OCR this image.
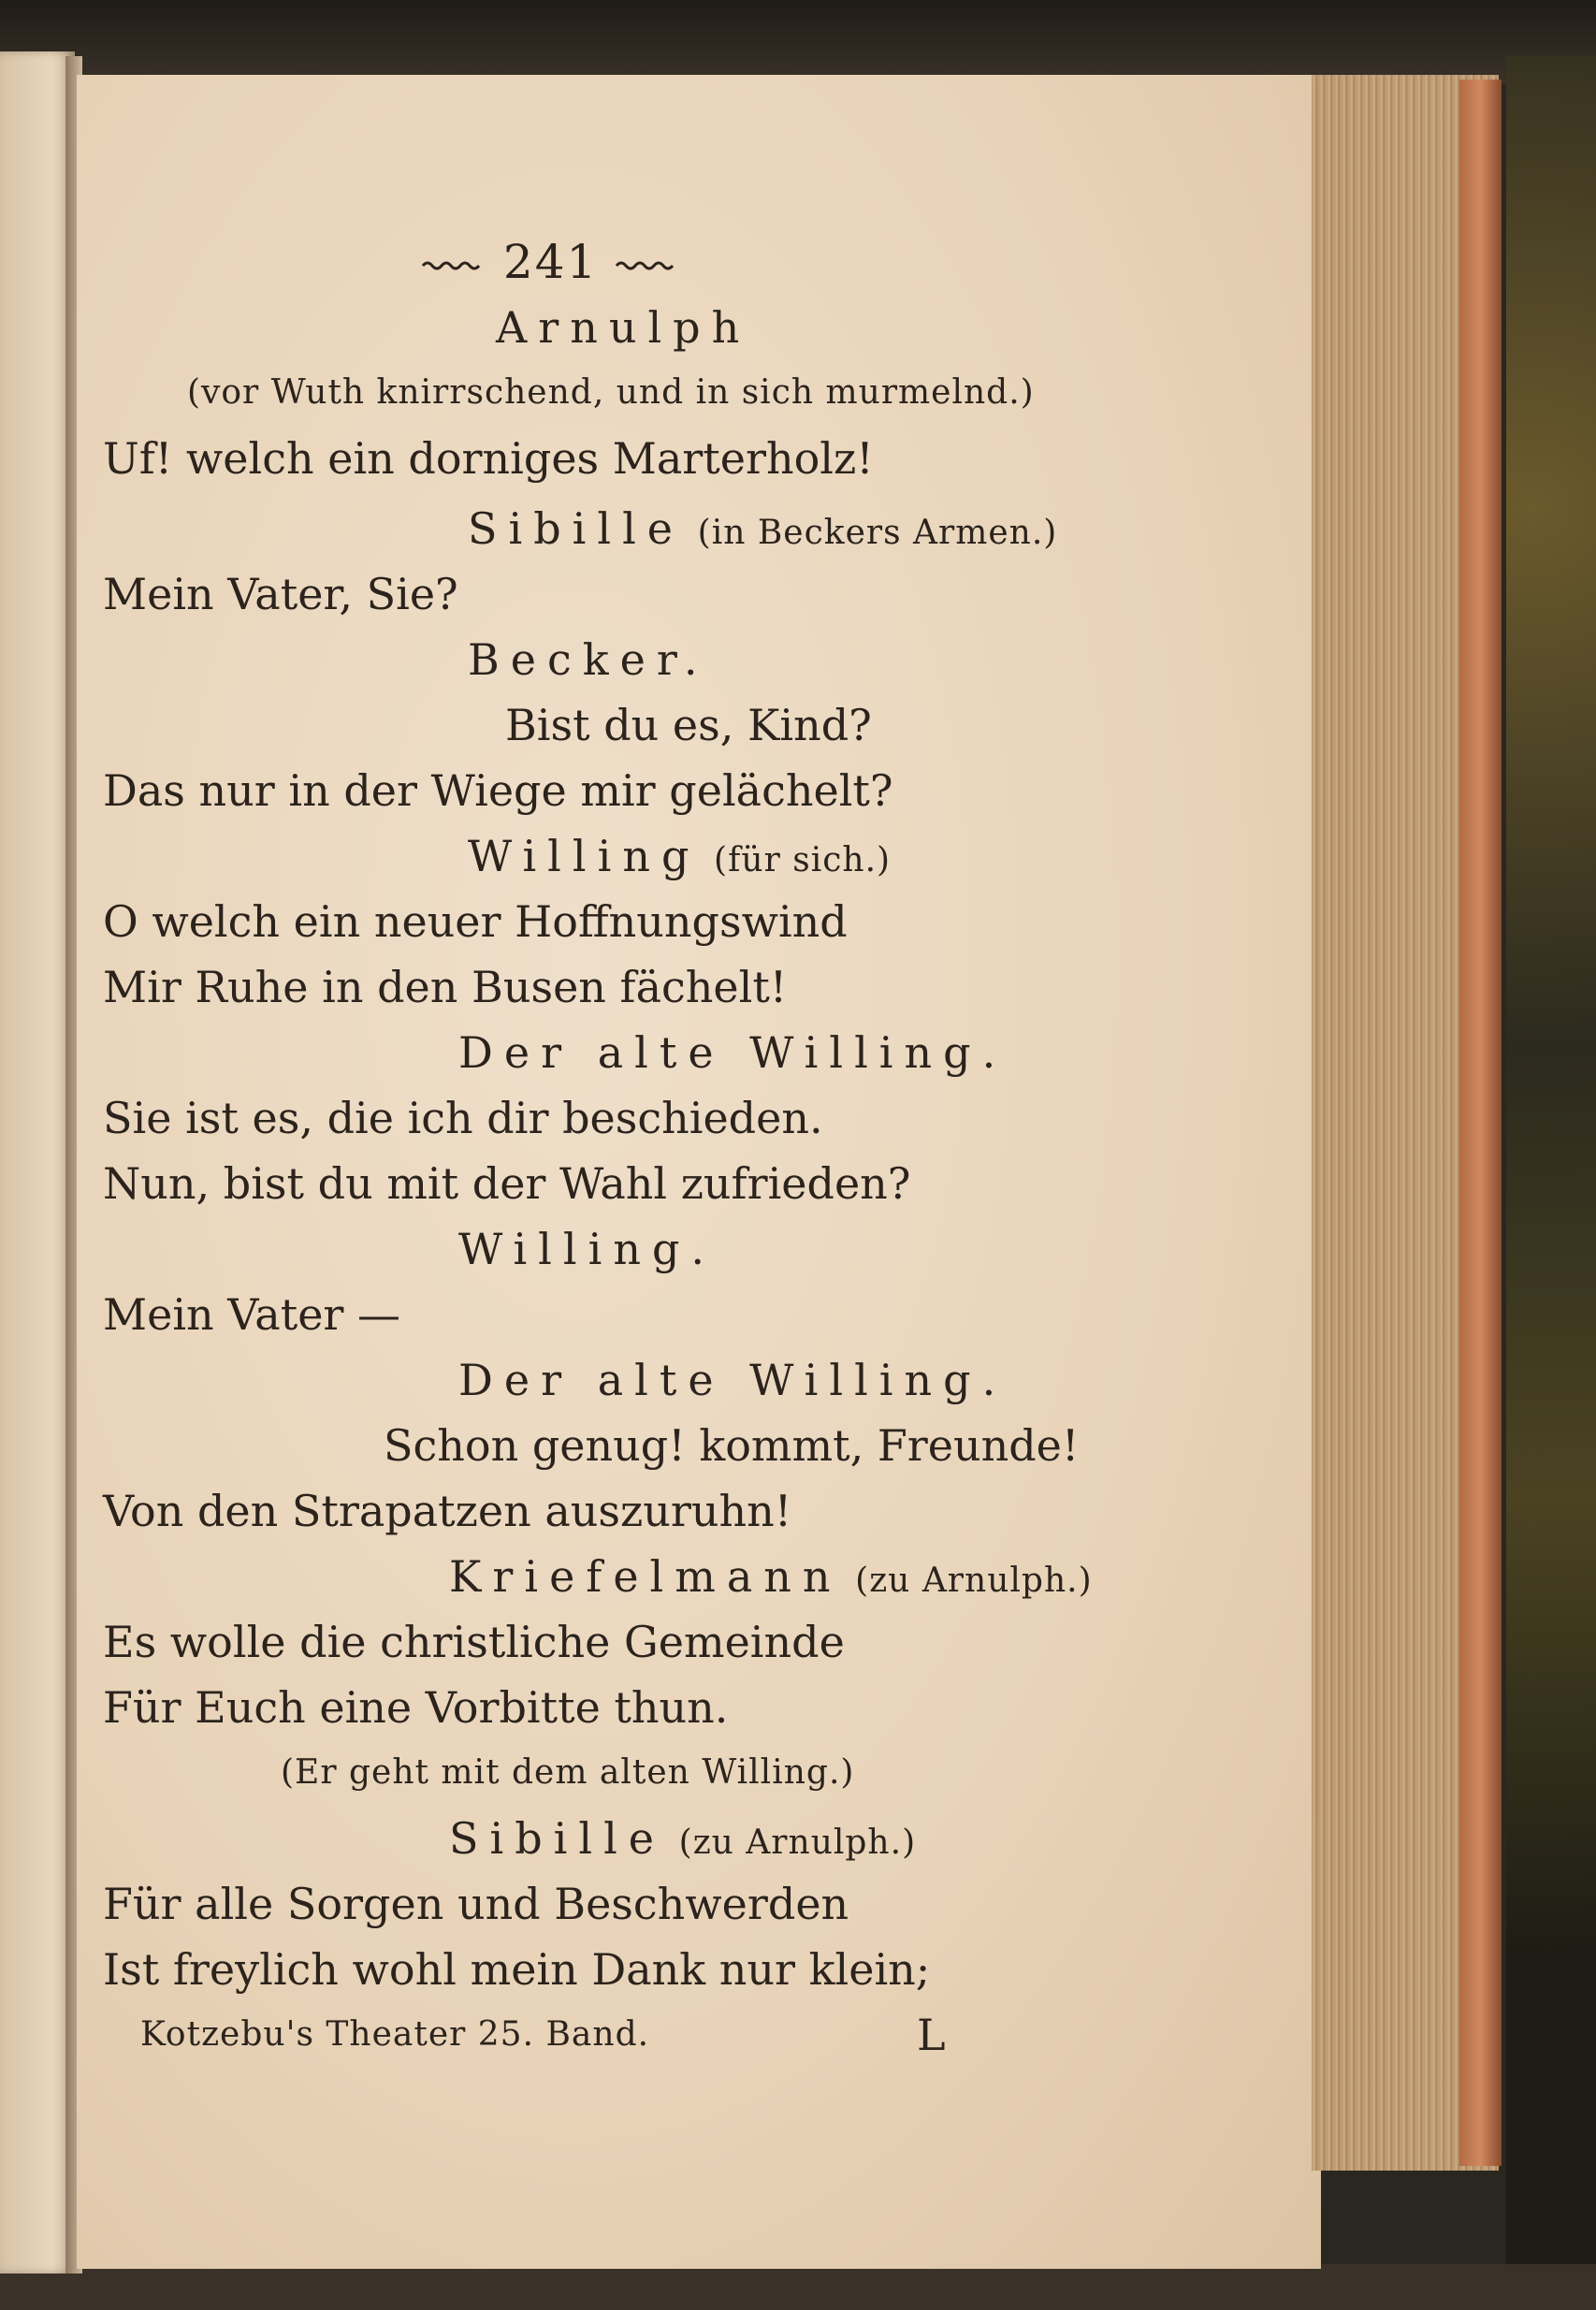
241
Arnulph
(vor Wuth knirrschend, und in sich murmelnd.)
Uf! welch ein dorniges Marterholz!
Sibille (in Beckers Armen.)
Mein Vater, Sie?
Becker.
Bist du es, Kind?
Das nur in der Wiege mir gelächelt?
Willing (für sich.)
O welch ein neuer Hoffnungswind
Mir Ruhe in den Busen fächelt!
Der alte Willing.
Sie ist es, die ich dir beschieden.
Nun, bist du mit der Wahl zufrieden?
Willing.
Mein Vater —
Der alte Willing.
Schon genug! kommt, Freunde!
Von den Strapatzen auszuruhn!
Kriefelmann (zu Arnulph.)
Es wolle die christliche Gemeinde
Für Euch eine Vorbitte thun.
(Er geht mit dem alten Willing.)
Sibille (zu Arnulph.)
Für alle Sorgen und Beschwerden
Ist freylich wohl mein Dank nur klein;
Kotzebu's Theater 25. Band.	L
